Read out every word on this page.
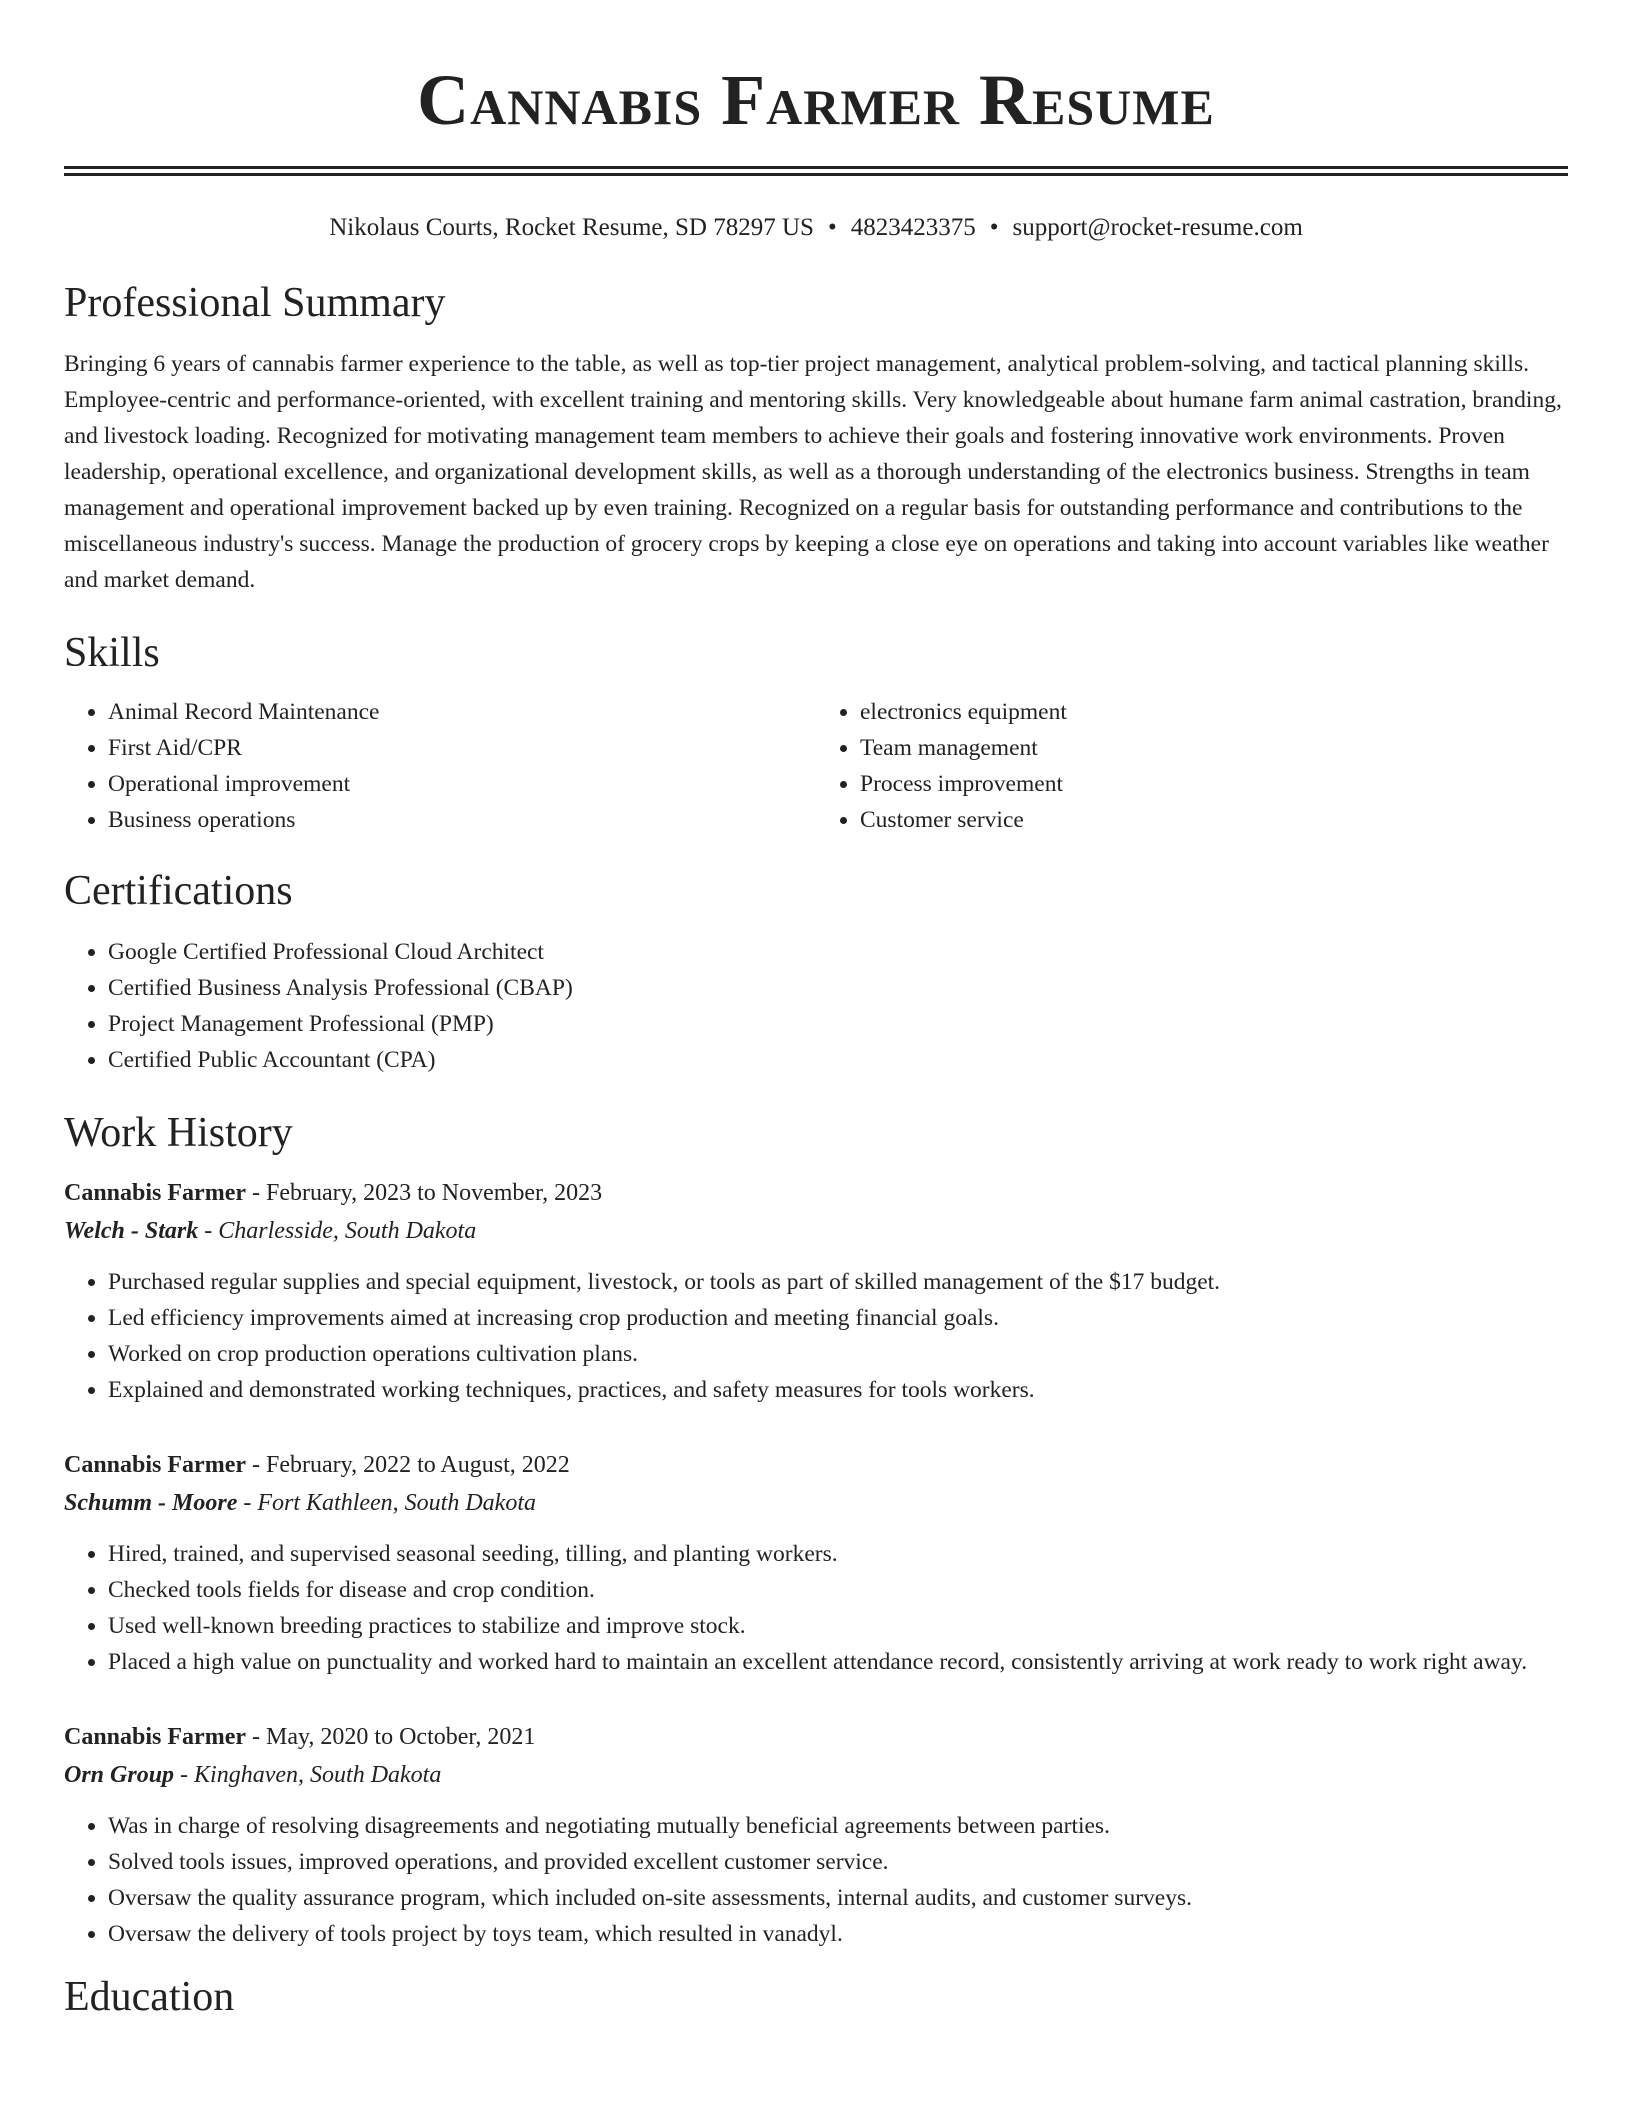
Cannabis Farmer Resume
Nikolaus Courts, Rocket Resume, SD 78297 US • 4823423375 • support@rocket-resume.com
Professional Summary

Bringing 6 years of cannabis farmer experience to the table, as well as top-tier project management, analytical problem-solving, and tactical planning skills. Employee-centric and performance-oriented, with excellent training and mentoring skills. Very knowledgeable about humane farm animal castration, branding, and livestock loading. Recognized for motivating management team members to achieve their goals and fostering innovative work environments. Proven leadership, operational excellence, and organizational development skills, as well as a thorough understanding of the electronics business. Strengths in team management and operational improvement backed up by even training. Recognized on a regular basis for outstanding performance and contributions to the miscellaneous industry's success. Manage the production of grocery crops by keeping a close eye on operations and taking into account variables like weather and market demand.

Skills
• Animal Record Maintenance
• First Aid/CPR
• Operational improvement
• Business operations
• electronics equipment
• Team management
• Process improvement
• Customer service
Certifications
• Google Certified Professional Cloud Architect
• Certified Business Analysis Professional (CBAP)
• Project Management Professional (PMP)
• Certified Public Accountant (CPA)
Work History
Cannabis Farmer - February, 2023 to November, 2023
Welch - Stark - Charlesside, South Dakota
• Purchased regular supplies and special equipment, livestock, or tools as part of skilled management of the $17 budget.
• Led efficiency improvements aimed at increasing crop production and meeting financial goals.
• Worked on crop production operations cultivation plans.
• Explained and demonstrated working techniques, practices, and safety measures for tools workers.
Cannabis Farmer - February, 2022 to August, 2022
Schumm - Moore - Fort Kathleen, South Dakota
• Hired, trained, and supervised seasonal seeding, tilling, and planting workers.
• Checked tools fields for disease and crop condition.
• Used well-known breeding practices to stabilize and improve stock.
• Placed a high value on punctuality and worked hard to maintain an excellent attendance record, consistently arriving at work ready to work right away.
Cannabis Farmer - May, 2020 to October, 2021
Orn Group - Kinghaven, South Dakota
• Was in charge of resolving disagreements and negotiating mutually beneficial agreements between parties.
• Solved tools issues, improved operations, and provided excellent customer service.
• Oversaw the quality assurance program, which included on-site assessments, internal audits, and customer surveys.
• Oversaw the delivery of tools project by toys team, which resulted in vanadyl.
Education
